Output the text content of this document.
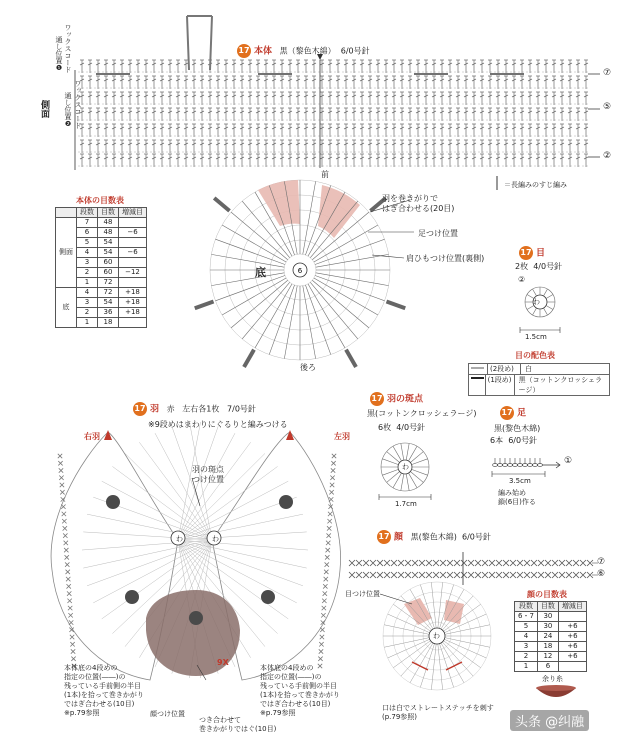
6
17 本体 黒（黎色木綿） 6/0号針
側面
ワックスコード
通し位置❶
ワックスコード
通し位置❷
⑦
⑤
②
＝長編みのすじ編み
本体の目数表
	段数	目数	増減目
側面	7	48	
	6	48	−6
	5	54	
	4	54	−6
	3	60	
	2	60	−12
	1	72	
底	4	72	+18
	3	54	+18
	2	36	+18
	1	18	
前
後ろ
底
羽を巻きがりで
はぎ合わせる(20目)
足つけ位置
肩ひもつけ位置(裏側)
17 目
2枚 4/0号針
②
わ
1.5cm
目の配色表

(2段め)	白

(1段め)	黒（コットンクロッシェラージ）
17 羽 赤 左右各1枚 7/0号針
※9段めはまわりにぐるりと編みつける
右羽	左羽
羽の斑点
つけ位置
わ	わ
9X
本体底の4段めの
指定の位置(――)の
残っている手前側の半目
(1本)を拾って巻きかがり
ではぎ合わせる(10目)
※p.79参照
本体底の4段めの
指定の位置(――)の
残っている手前側の半目
(1本)を拾って巻きかがり
ではぎ合わせる(10目)
※p.79参照
顔つけ位置
つき合わせて
巻きかがりではぐ(10目)
17 羽の斑点
黒(コットンクロッシェラージ)
6枚 4/0号針
わ
1.7cm
17 足
黒(黎色木綿)
6本 6/0号針
①
3.5cm
編み始め
鎖(6目)作る
17 顔 黒(黎色木綿) 6/0号針
⑦
⑥
目つけ位置
わ
口は白でストレートステッチを刺す
(p.79参照)
顔の目数表
段数	目数	増減目
6・7	30	
5	30	+6
4	24	+6
3	18	+6
2	12	+6
1	6	
余り糸
头条 @纠融
